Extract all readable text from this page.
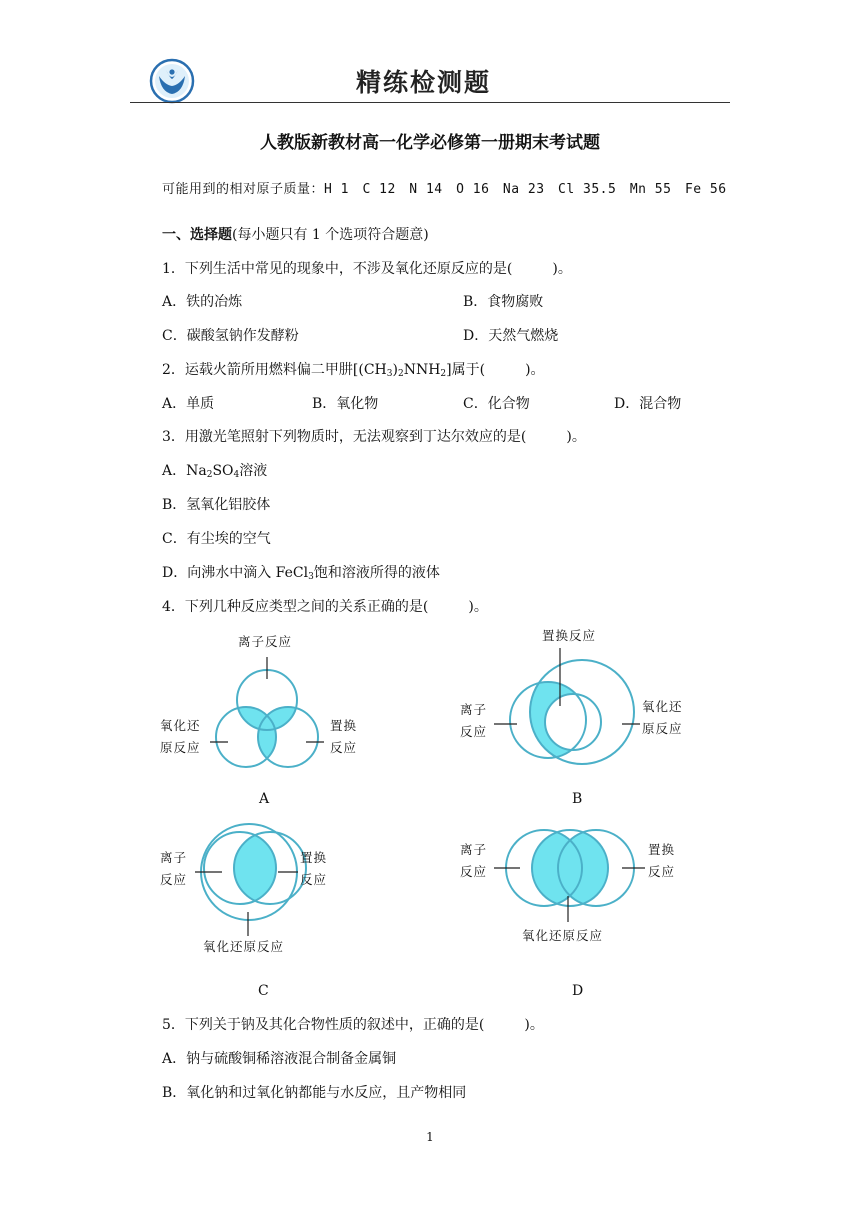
精练检测题
人教版新教材高一化学必修第一册期末考试题
可能用到的相对原子质量：H 1　C 12　N 14　O 16　Na 23　Cl 35.5　Mn 55　Fe 56
一、选择题(每小题只有 1 个选项符合题意)
1．下列生活中常见的现象中，不涉及氧化还原反应的是(	)。
A．铁的冶炼	B．食物腐败
C．碳酸氢钠作发酵粉	D．天然气燃烧
2．运载火箭所用燃料偏二甲肼$[(CH_3)_2NNH_2]$属于(	)。
A．单质	B．氧化物	C．化合物	D．混合物
3．用激光笔照射下列物质时，无法观察到丁达尔效应的是(	)。
A．$Na_2SO_4$溶液
B．氢氧化铝胶体
C．有尘埃的空气
D．向沸水中滴入 FeCl$_3$饱和溶液所得的液体
4．下列几种反应类型之间的关系正确的是(	)。
离子反应
氧化还
原反应
置换
反应
A
置换反应
离子
反应
氧化还
原反应
B
离子
反应
置换
反应
氧化还原反应
C
离子
反应
置换
反应
氧化还原反应
D
5．下列关于钠及其化合物性质的叙述中，正确的是(	)。
A．钠与硫酸铜稀溶液混合制备金属铜
B．氧化钠和过氧化钠都能与水反应，且产物相同
1
